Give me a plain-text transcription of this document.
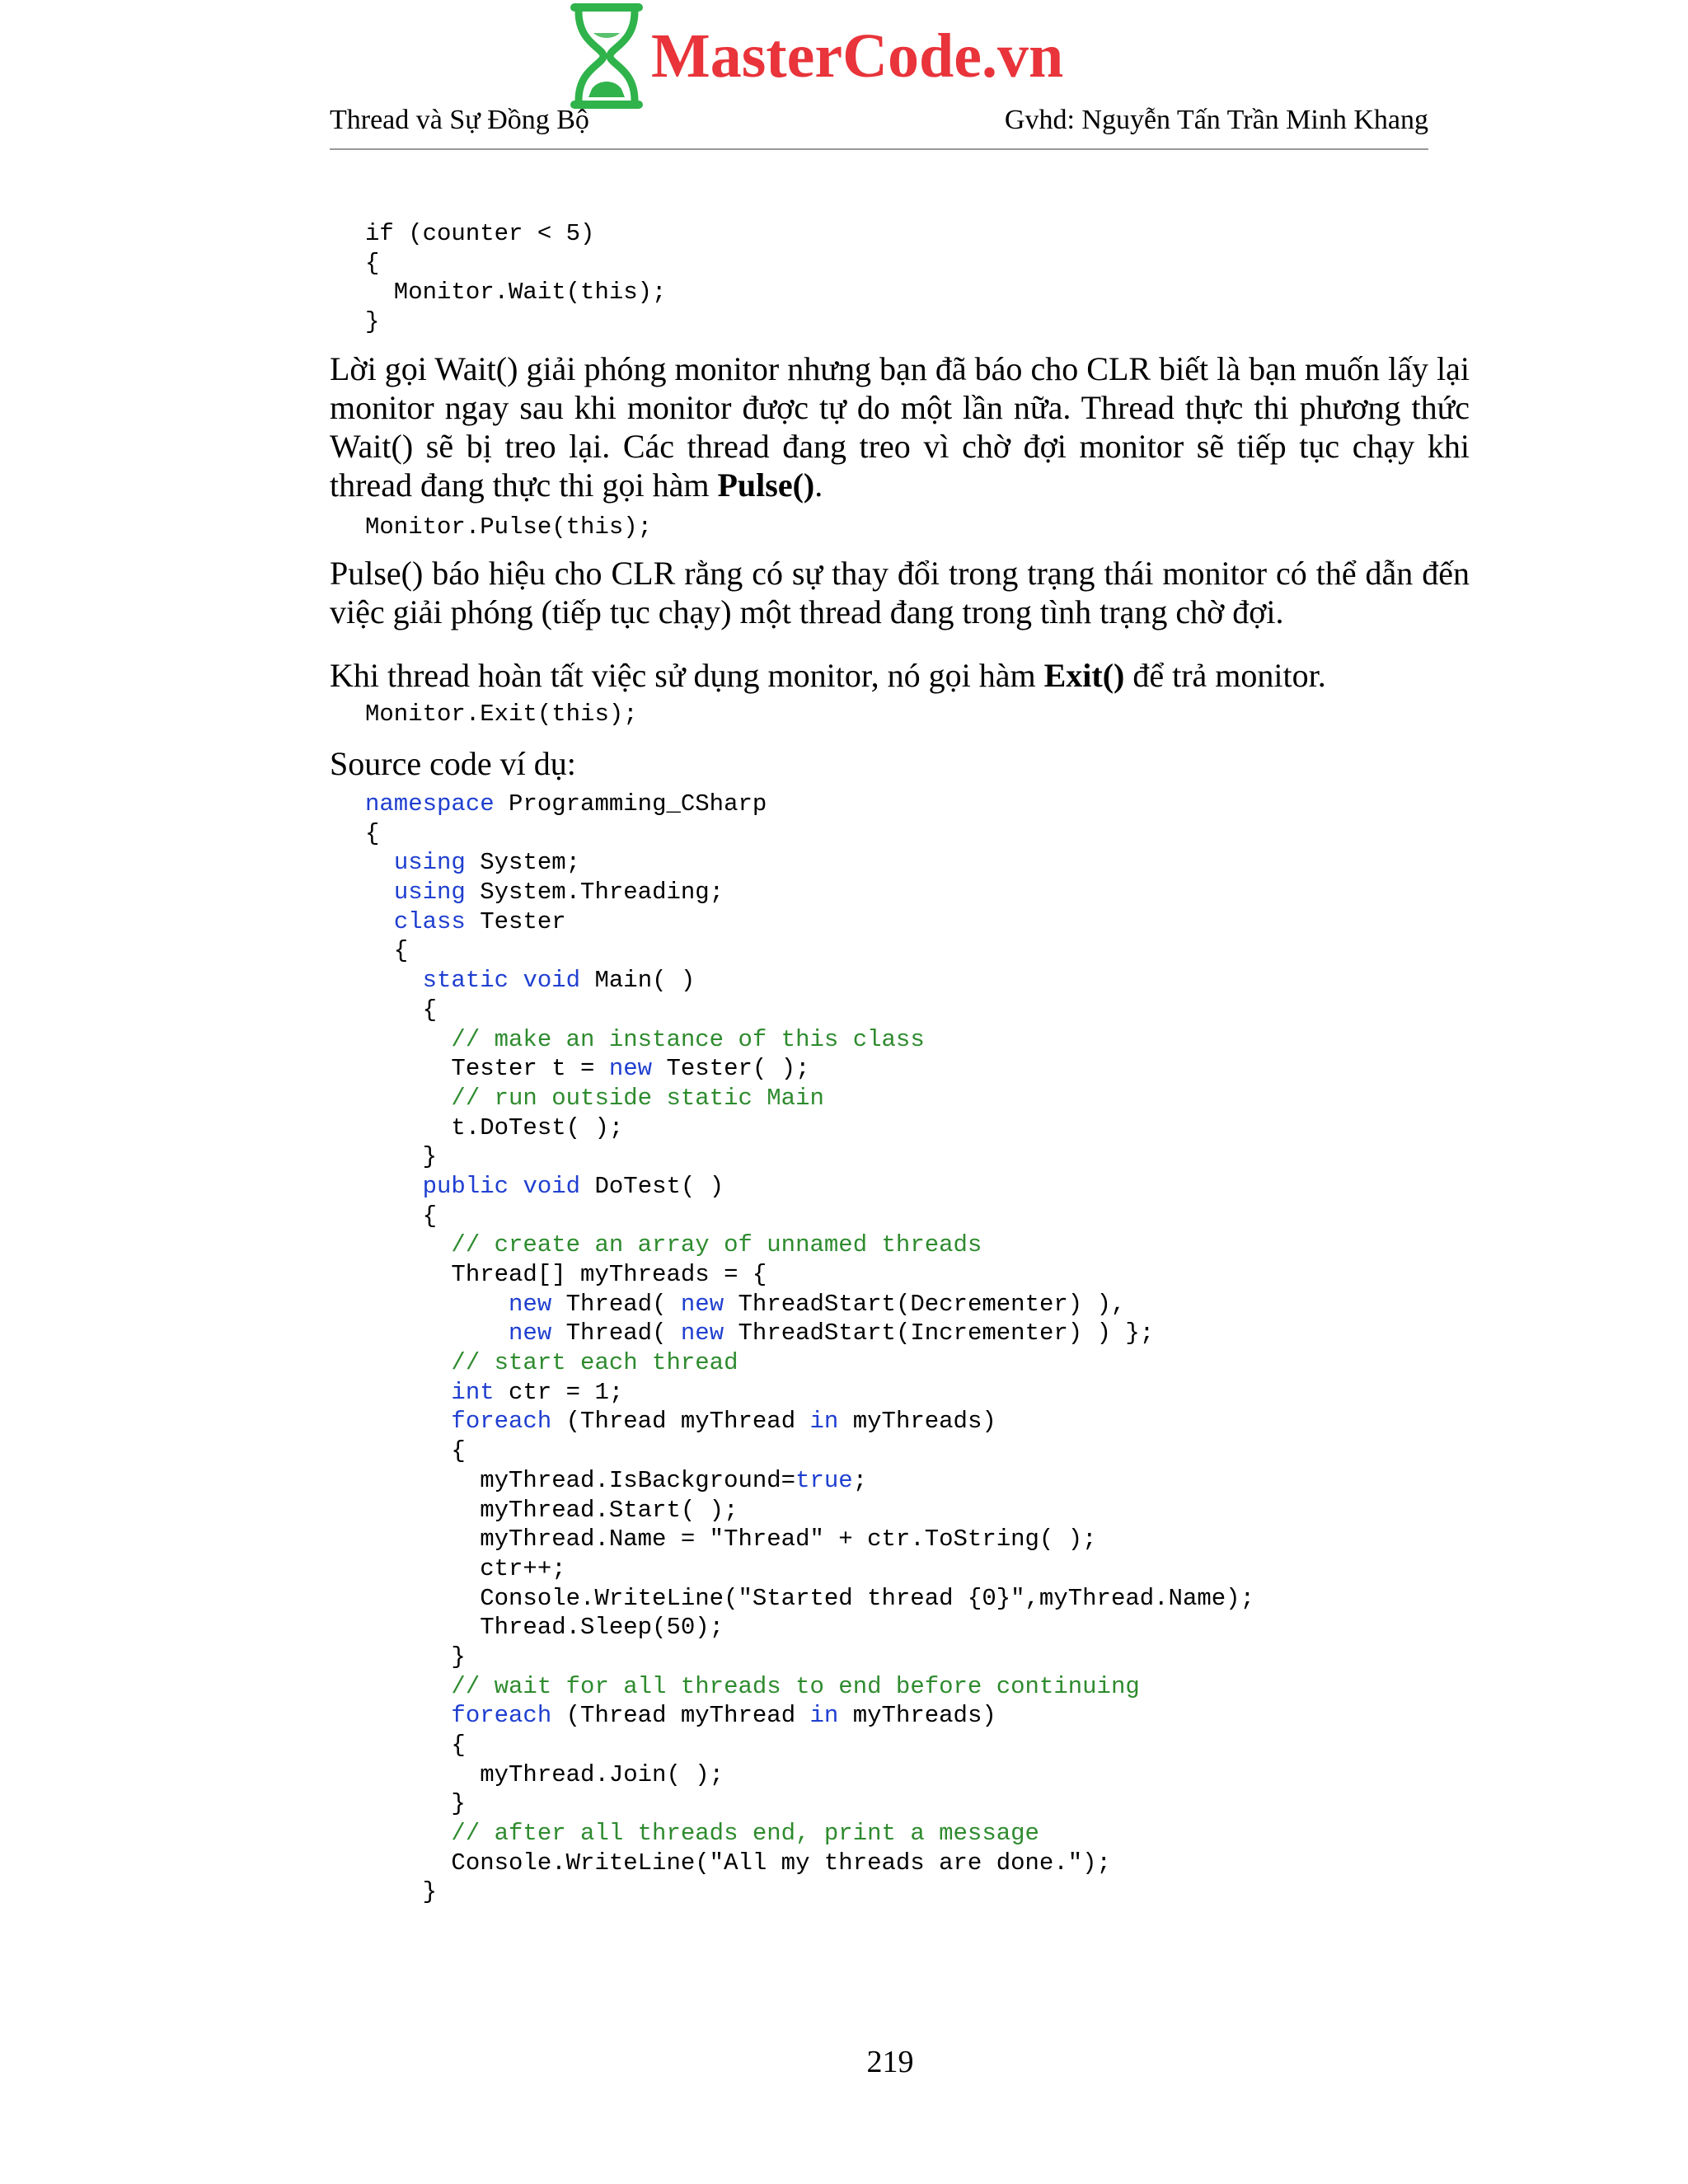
MasterCode.vn
Thread và Sự Đồng Bộ	Gvhd: Nguyễn Tấn Trần Minh Khang
if (counter < 5)
{
Monitor.Wait(this);
}

Lời gọi Wait() giải phóng monitor nhưng bạn đã báo cho CLR biết là bạn muốn lấy lại monitor ngay sau khi monitor được tự do một lần nữa. Thread thực thi phương thức Wait() sẽ bị treo lại. Các thread đang treo vì chờ đợi monitor sẽ tiếp tục chạy khi thread đang thực thi gọi hàm Pulse().

Monitor.Pulse(this);

Pulse() báo hiệu cho CLR rằng có sự thay đổi trong trạng thái monitor có thể dẫn đến việc giải phóng (tiếp tục chạy) một thread đang trong tình trạng chờ đợi.

Khi thread hoàn tất việc sử dụng monitor, nó gọi hàm Exit() để trả monitor.

Monitor.Exit(this);

Source code ví dụ:

namespace Programming_CSharp
{
using System;
using System.Threading;
class Tester
{
static void Main( )
{
// make an instance of this class
Tester t = new Tester( );
// run outside static Main
t.DoTest( );
}
public void DoTest( )
{
// create an array of unnamed threads
Thread[] myThreads = {
new Thread( new ThreadStart(Decrementer) ),
new Thread( new ThreadStart(Incrementer) ) };
// start each thread
int ctr = 1;
foreach (Thread myThread in myThreads)
{
myThread.IsBackground=true;
myThread.Start( );
myThread.Name = "Thread" + ctr.ToString( );
ctr++;
Console.WriteLine("Started thread {0}",myThread.Name);
Thread.Sleep(50);
}
// wait for all threads to end before continuing
foreach (Thread myThread in myThreads)
{
myThread.Join( );
}
// after all threads end, print a message
Console.WriteLine("All my threads are done.");
}
219
